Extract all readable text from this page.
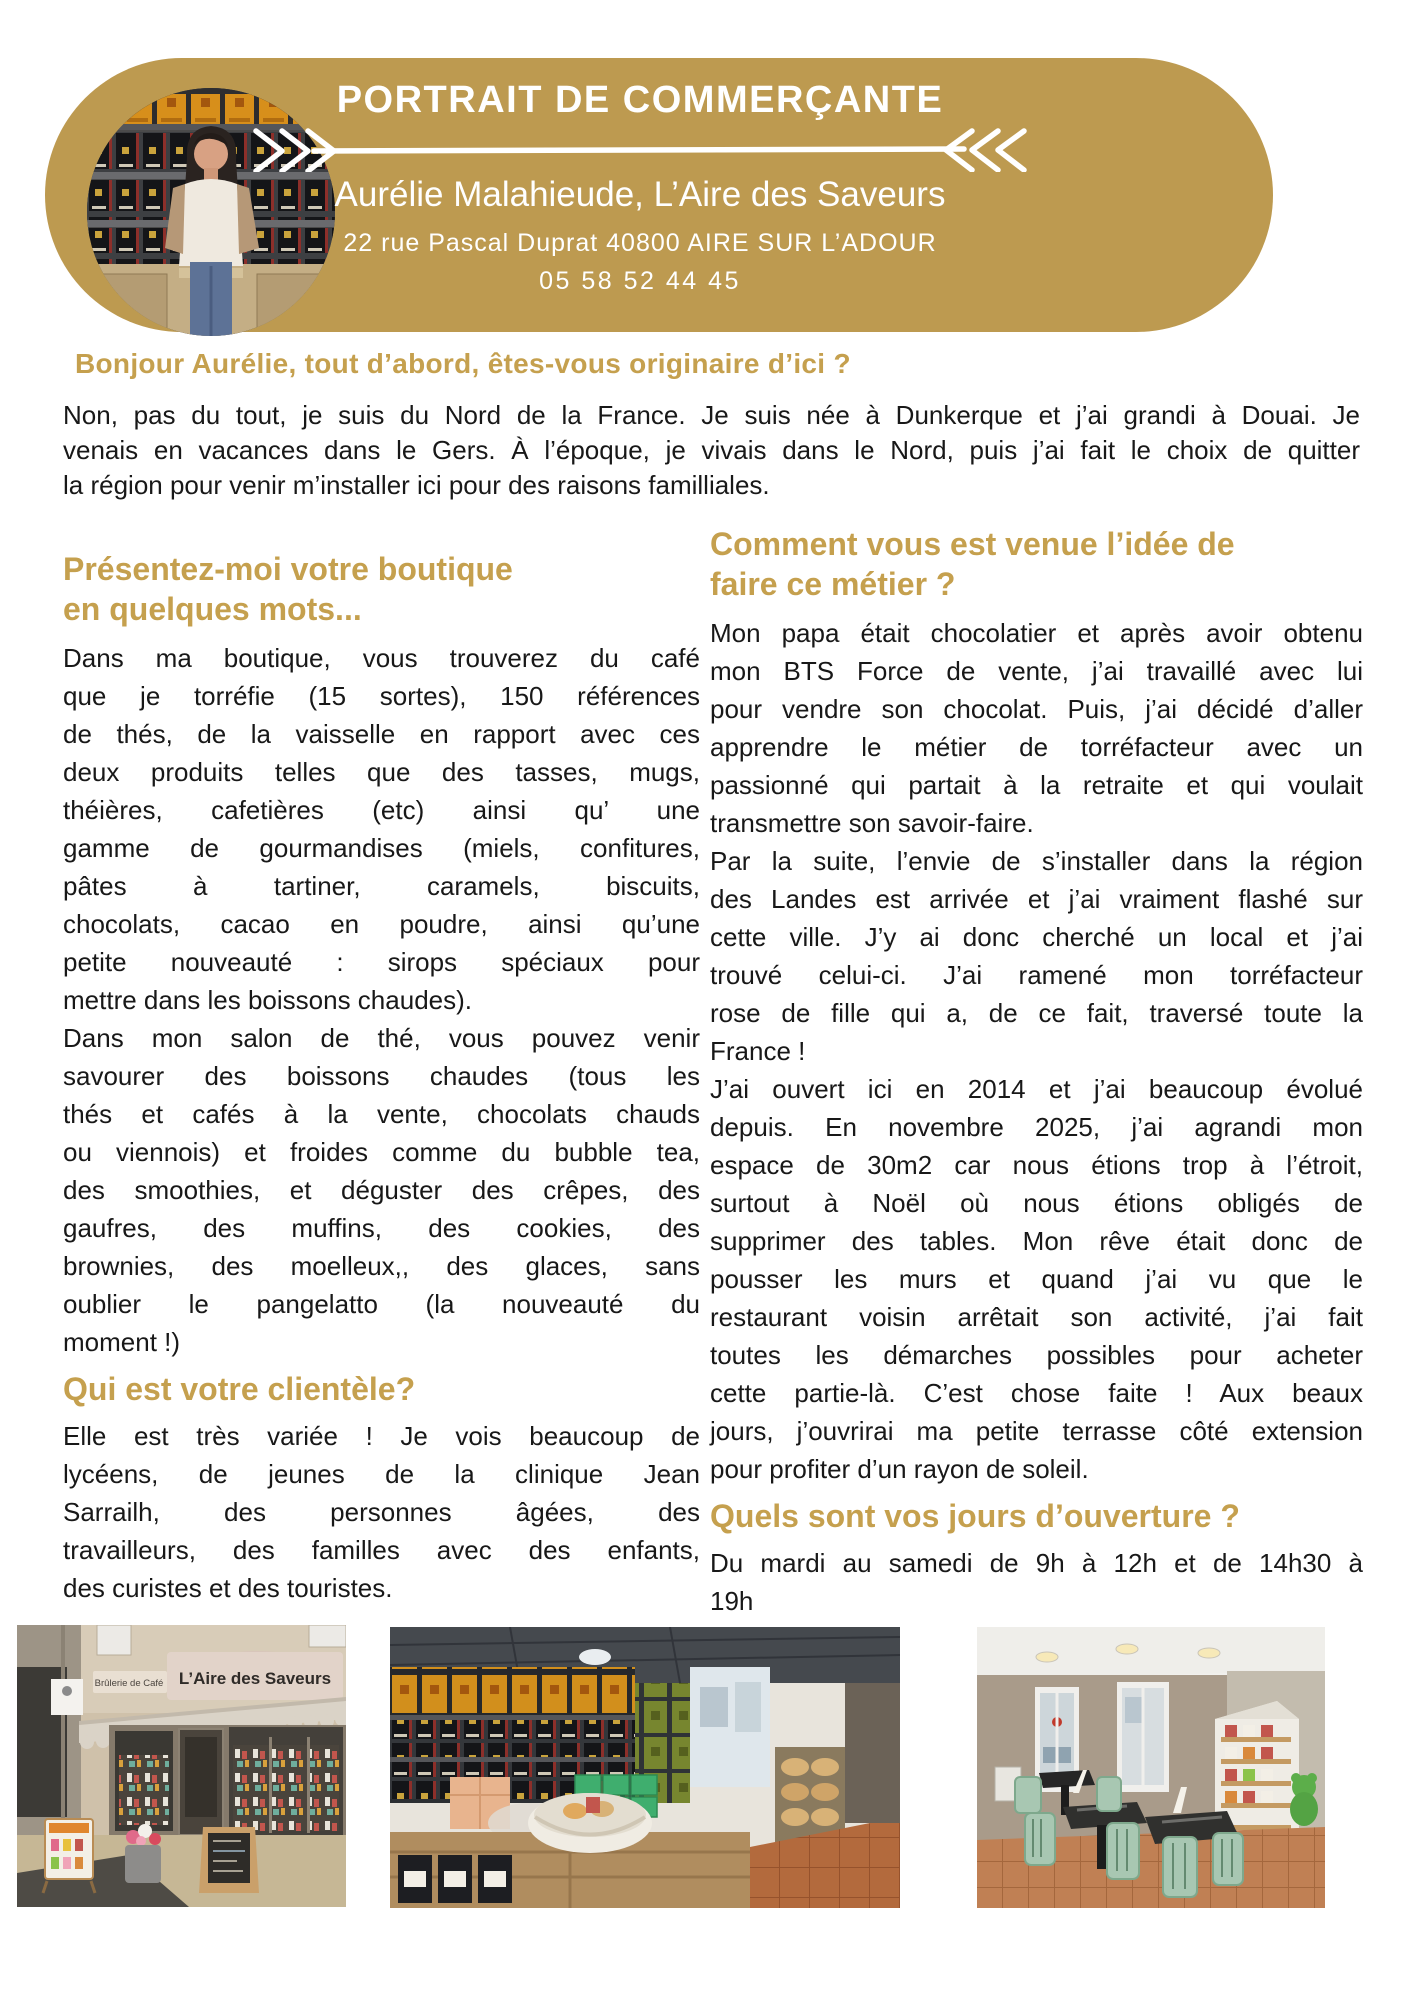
PORTRAIT DE COMMERÇANTE
Aurélie Malahieude, L’Aire des Saveurs
22 rue Pascal Duprat 40800 AIRE SUR L’ADOUR
05 58 52 44 45
Bonjour Aurélie, tout d’abord, êtes-vous originaire d’ici ?
Non, pas du tout, je suis du Nord de la France. Je suis née à Dunkerque et j’ai grandi à Douai. Je
venais en vacances dans le Gers. À l’époque, je vivais dans le Nord, puis j’ai fait le choix de quitter
la région pour venir m’installer ici pour des raisons familliales.
Présentez-moi votre boutique
en quelques mots...
Dans ma boutique, vous trouverez du café
que je torréfie (15 sortes), 150 références
de thés, de la vaisselle en rapport avec ces
deux produits telles que des tasses, mugs,
théières, cafetières (etc) ainsi qu’ une
gamme de gourmandises (miels, confitures,
pâtes à tartiner, caramels, biscuits,
chocolats, cacao en poudre, ainsi qu’une
petite nouveauté : sirops spéciaux pour
mettre dans les boissons chaudes).
Dans mon salon de thé, vous pouvez venir
savourer des boissons chaudes (tous les
thés et cafés à la vente, chocolats chauds
ou viennois) et froides comme du bubble tea,
des smoothies, et déguster des crêpes, des
gaufres, des muffins, des cookies, des
brownies, des moelleux,, des glaces, sans
oublier le pangelatto (la nouveauté du
moment !)
Qui est votre clientèle?
Elle est très variée ! Je vois beaucoup de
lycéens, de jeunes de la clinique Jean
Sarrailh, des personnes âgées, des
travailleurs, des familles avec des enfants,
des curistes et des touristes.
Comment vous est venue l’idée de
faire ce métier ?
Mon papa était chocolatier et après avoir obtenu
mon BTS Force de vente, j’ai travaillé avec lui
pour vendre son chocolat. Puis, j’ai décidé d’aller
apprendre le métier de torréfacteur avec un
passionné qui partait à la retraite et qui voulait
transmettre son savoir-faire.
Par la suite, l’envie de s’installer dans la région
des Landes est arrivée et j’ai vraiment flashé sur
cette ville. J’y ai donc cherché un local et j’ai
trouvé celui-ci. J’ai ramené mon torréfacteur
rose de fille qui a, de ce fait, traversé toute la
France !
J’ai ouvert ici en 2014 et j’ai beaucoup évolué
depuis. En novembre 2025, j’ai agrandi mon
espace de 30m2 car nous étions trop à l’étroit,
surtout à Noël où nous étions obligés de
supprimer des tables. Mon rêve était donc de
pousser les murs et quand j’ai vu que le
restaurant voisin arrêtait son activité, j’ai fait
toutes les démarches possibles pour acheter
cette partie-là. C’est chose faite ! Aux beaux
jours, j’ouvrirai ma petite terrasse côté extension
pour profiter d’un rayon de soleil.
Quels sont vos jours d’ouverture ?
Du mardi au samedi de 9h à 12h et de 14h30 à
19h
L’Aire des Saveurs
Brûlerie de Café
